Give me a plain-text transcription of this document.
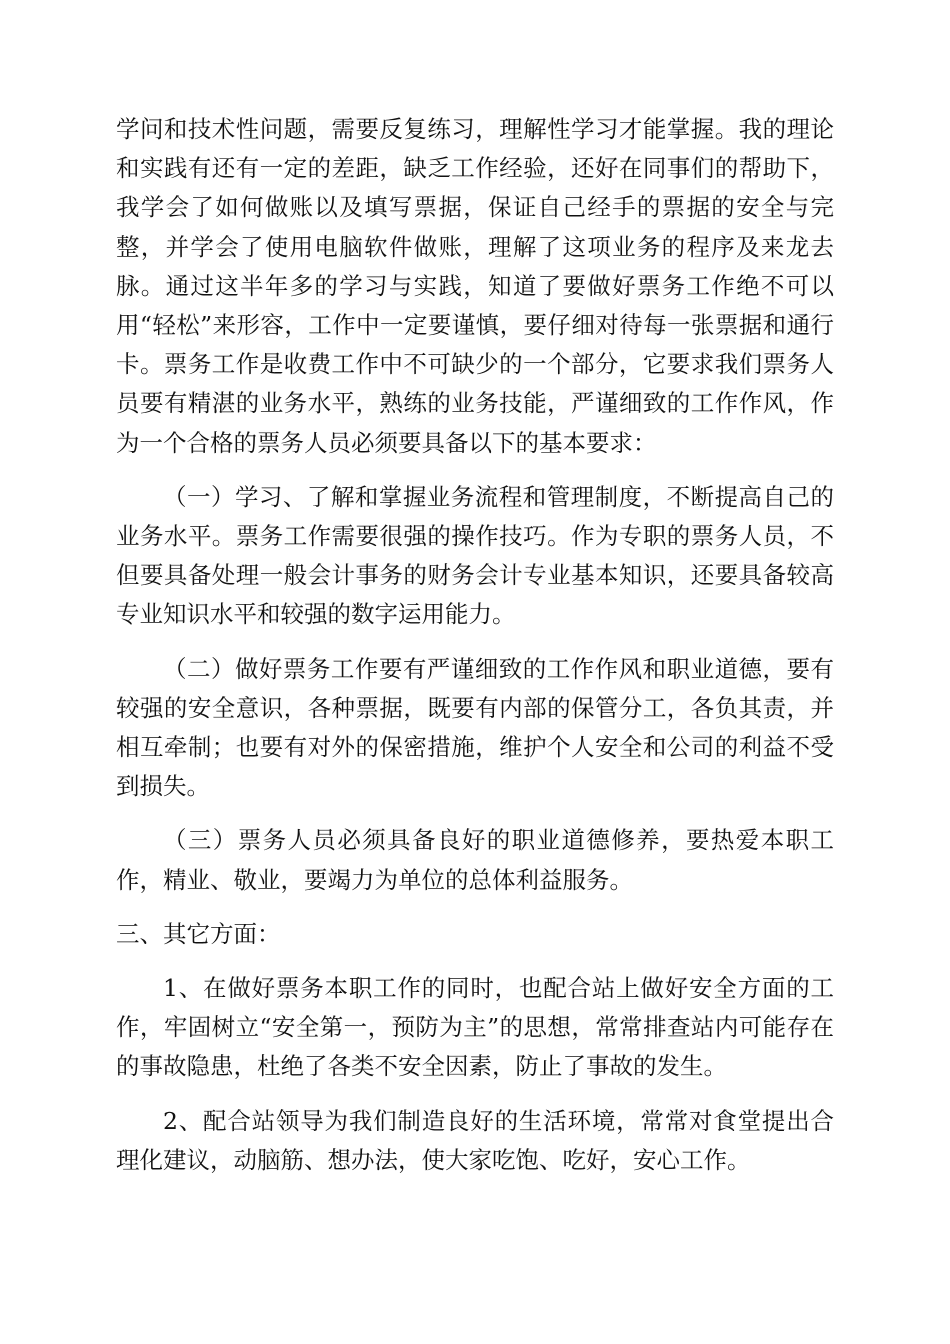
学问和技术性问题，需要反复练习，理解性学习才能掌握。我的理论和实践有还有一定的差距，缺乏工作经验，还好在同事们的帮助下，我学会了如何做账以及填写票据，保证自己经手的票据的安全与完整，并学会了使用电脑软件做账，理解了这项业务的程序及来龙去脉。通过这半年多的学习与实践，知道了要做好票务工作绝不可以用“轻松”来形容，工作中一定要谨慎，要仔细对待每一张票据和通行卡。票务工作是收费工作中不可缺少的一个部分，它要求我们票务人员要有精湛的业务水平，熟练的业务技能，严谨细致的工作作风，作为一个合格的票务人员必须要具备以下的基本要求：

（一）学习、了解和掌握业务流程和管理制度，不断提高自己的业务水平。票务工作需要很强的操作技巧。作为专职的票务人员，不但要具备处理一般会计事务的财务会计专业基本知识，还要具备较高专业知识水平和较强的数字运用能力。

（二）做好票务工作要有严谨细致的工作作风和职业道德，要有较强的安全意识，各种票据，既要有内部的保管分工，各负其责，并相互牵制；也要有对外的保密措施，维护个人安全和公司的利益不受到损失。

（三）票务人员必须具备良好的职业道德修养，要热爱本职工作，精业、敬业，要竭力为单位的总体利益服务。

三、其它方面：

1、在做好票务本职工作的同时，也配合站上做好安全方面的工作，牢固树立“安全第一，预防为主”的思想，常常排查站内可能存在的事故隐患，杜绝了各类不安全因素，防止了事故的发生。

2、配合站领导为我们制造良好的生活环境，常常对食堂提出合理化建议，动脑筋、想办法，使大家吃饱、吃好，安心工作。
